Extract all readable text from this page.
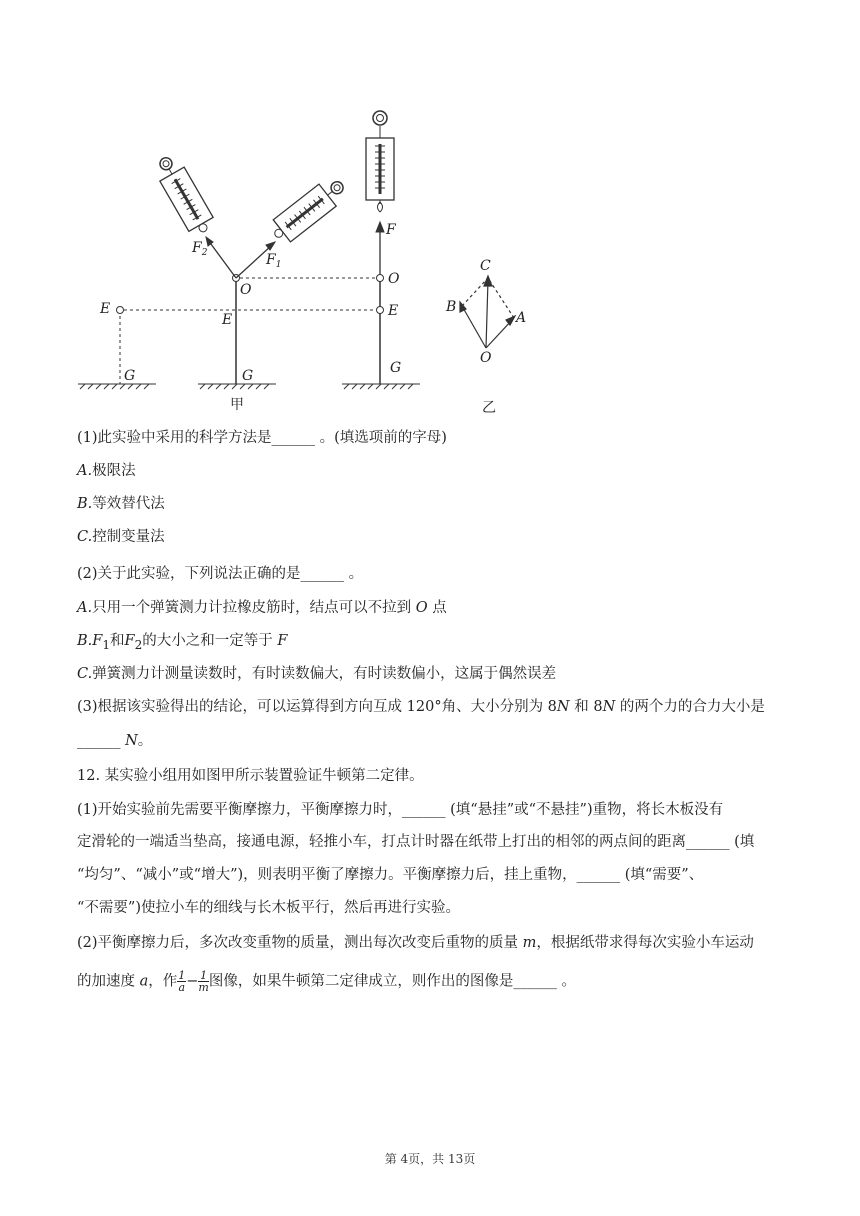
E
G
$F_2$	$F_1$
O
E
G
F
O
E
G
C
B
A
O
甲	乙
(1)此实验中采用的科学方法是______ 。(填选项前的字母)
A.极限法
B.等效替代法
C.控制变量法
(2)关于此实验，下列说法正确的是______ 。
A.只用一个弹簧测力计拉橡皮筋时，结点可以不拉到 O 点
$B.F_1$和$F_2$的大小之和一定等于 F
C.弹簧测力计测量读数时，有时读数偏大，有时读数偏小，这属于偶然误差
(3)根据该实验得出的结论，可以运算得到方向互成 120°角、大小分别为 8N 和 8N 的两个力的合力大小是
______ N。
12. 某实验小组用如图甲所示装置验证牛顿第二定律。
(1)开始实验前先需要平衡摩擦力，平衡摩擦力时，______ (填“悬挂”或“不悬挂”)重物，将长木板没有
定滑轮的一端适当垫高，接通电源，轻推小车，打点计时器在纸带上打出的相邻的两点间的距离______ (填
“均匀”、“减小”或“增大”)，则表明平衡了摩擦力。平衡摩擦力后，挂上重物，______ (填“需要”、
“不需要”)使拉小车的细线与长木板平行，然后再进行实验。
(2)平衡摩擦力后，多次改变重物的质量，测出每次改变后重物的质量 m，根据纸带求得每次实验小车运动
的加速度 a，作 $\frac{1}{a} - \frac{1}{m}$ 图像，如果牛顿第二定律成立，则作出的图像是______ 。
第 4页，共 13页
